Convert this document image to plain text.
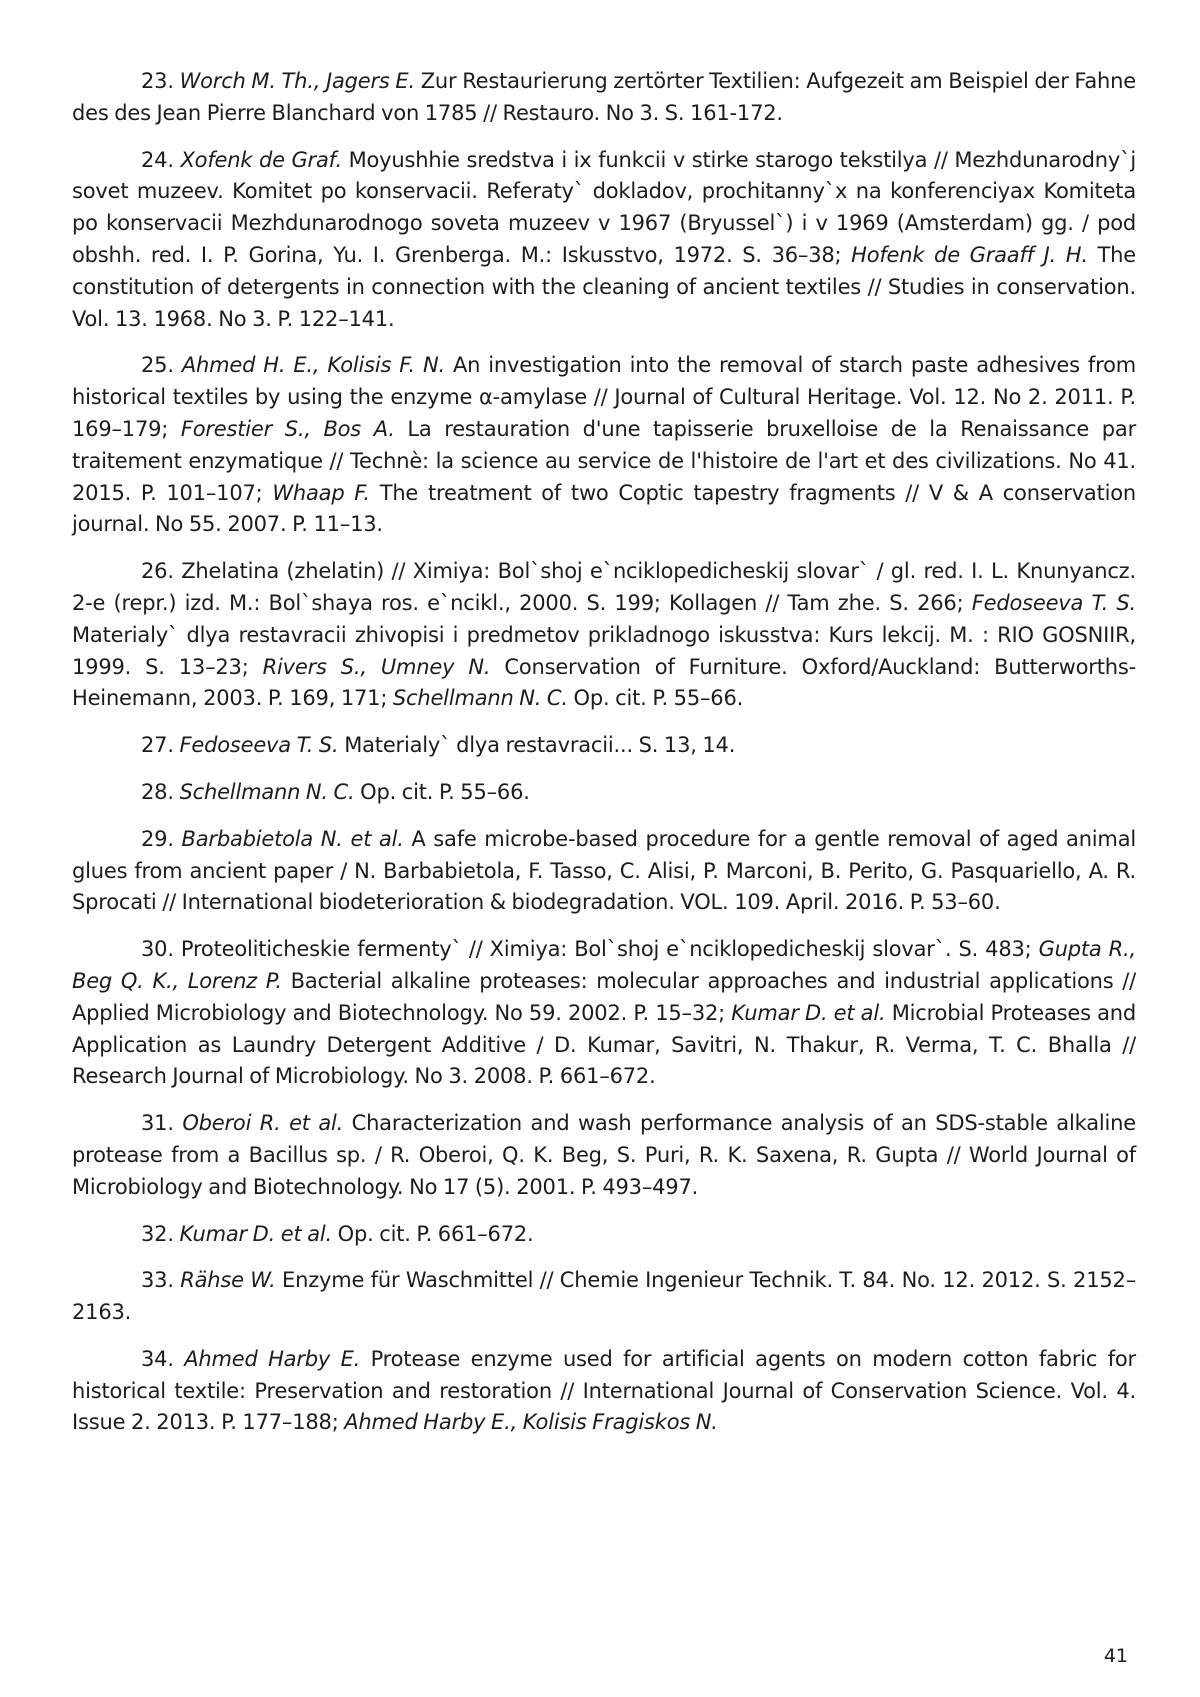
23. Worch M. Th., Jagers E. Zur Restaurierung zertörter Textilien: Aufgezeit am Beispiel der Fahne des des Jean Pierre Blanchard von 1785 // Restauro. No 3. S. 161-172.

24. Xofenk de Graf. Moyushhie sredstva i ix funkcii v stirke starogo tekstilya // Mezhdunarodny`j sovet muzeev. Komitet po konservacii. Referaty` dokladov, prochitanny`x na konferenciyax Komiteta po konservacii Mezhdunarodnogo soveta muzeev v 1967 (Bryussel`) i v 1969 (Amsterdam) gg. / pod obshh. red. I. P. Gorina, Yu. I. Grenberga. M.: Iskusstvo, 1972. S. 36–38; Hofenk de Graaff J. H. The constitution of detergents in connection with the cleaning of ancient textiles // Studies in conservation. Vol. 13. 1968. No 3. P. 122–141.

25. Ahmed H. E., Kolisis F. N. An investigation into the removal of starch paste adhesives from historical textiles by using the enzyme α-amylase // Journal of Cultural Heritage. Vol. 12. No 2. 2011. P. 169–179; Forestier S., Bos A. La restauration d'une tapisserie bruxelloise de la Renaissance par traitement enzymatique // Technè: la science au service de l'histoire de l'art et des civilizations. No 41. 2015. P. 101–107; Whaap F. The treatment of two Coptic tapestry fragments // V & A conservation journal. No 55. 2007. P. 11–13.

26. Zhelatina (zhelatin) // Ximiya: Bol`shoj e`nciklopedicheskij slovar` / gl. red. I. L. Knunyancz. 2-e (repr.) izd. M.: Bol`shaya ros. e`ncikl., 2000. S. 199; Kollagen // Tam zhe. S. 266; Fedoseeva T. S. Materialy` dlya restavracii zhivopisi i predmetov prikladnogo iskusstva: Kurs lekcij. M. : RIO GOSNIIR, 1999. S. 13–23; Rivers S., Umney N. Conservation of Furniture. Oxford/Auckland: Butterworths-Heinemann, 2003. P. 169, 171; Schellmann N. C. Op. cit. P. 55–66.

27. Fedoseeva T. S. Materialy` dlya restavracii... S. 13, 14.

28. Schellmann N. C. Op. cit. P. 55–66.

29. Barbabietola N. et al. A safe microbe-based procedure for a gentle removal of aged animal glues from ancient paper / N. Barbabietola, F. Tasso, C. Alisi, P. Marconi, B. Perito, G. Pasquariello, A. R. Sprocati // International biodeterioration & biodegradation. VOL. 109. April. 2016. P. 53–60.

30. Proteoliticheskie fermenty` // Ximiya: Bol`shoj e`nciklopedicheskij slovar`. S. 483; Gupta R., Beg Q. K., Lorenz P. Bacterial alkaline proteases: molecular approaches and industrial applications // Applied Microbiology and Biotechnology. No 59. 2002. P. 15–32; Kumar D. et al. Microbial Proteases and Application as Laundry Detergent Additive / D. Kumar, Savitri, N. Thakur, R. Verma, T. C. Bhalla // Research Journal of Microbiology. No 3. 2008. P. 661–672.

31. Oberoi R. et al. Characterization and wash performance analysis of an SDS-stable alkaline protease from a Bacillus sp. / R. Oberoi, Q. K. Beg, S. Puri, R. K. Saxena, R. Gupta // World Journal of Microbiology and Biotechnology. No 17 (5). 2001. P. 493–497.

32. Kumar D. et al. Op. cit. P. 661–672.

33. Rähse W. Enzyme für Waschmittel // Chemie Ingenieur Technik. T. 84. No. 12. 2012. S. 2152–2163.

34. Ahmed Harby E. Protease enzyme used for artificial agents on modern cotton fabric for historical textile: Preservation and restoration // International Journal of Conservation Science. Vol. 4. Issue 2. 2013. P. 177–188; Ahmed Harby E., Kolisis Fragiskos N.

41
